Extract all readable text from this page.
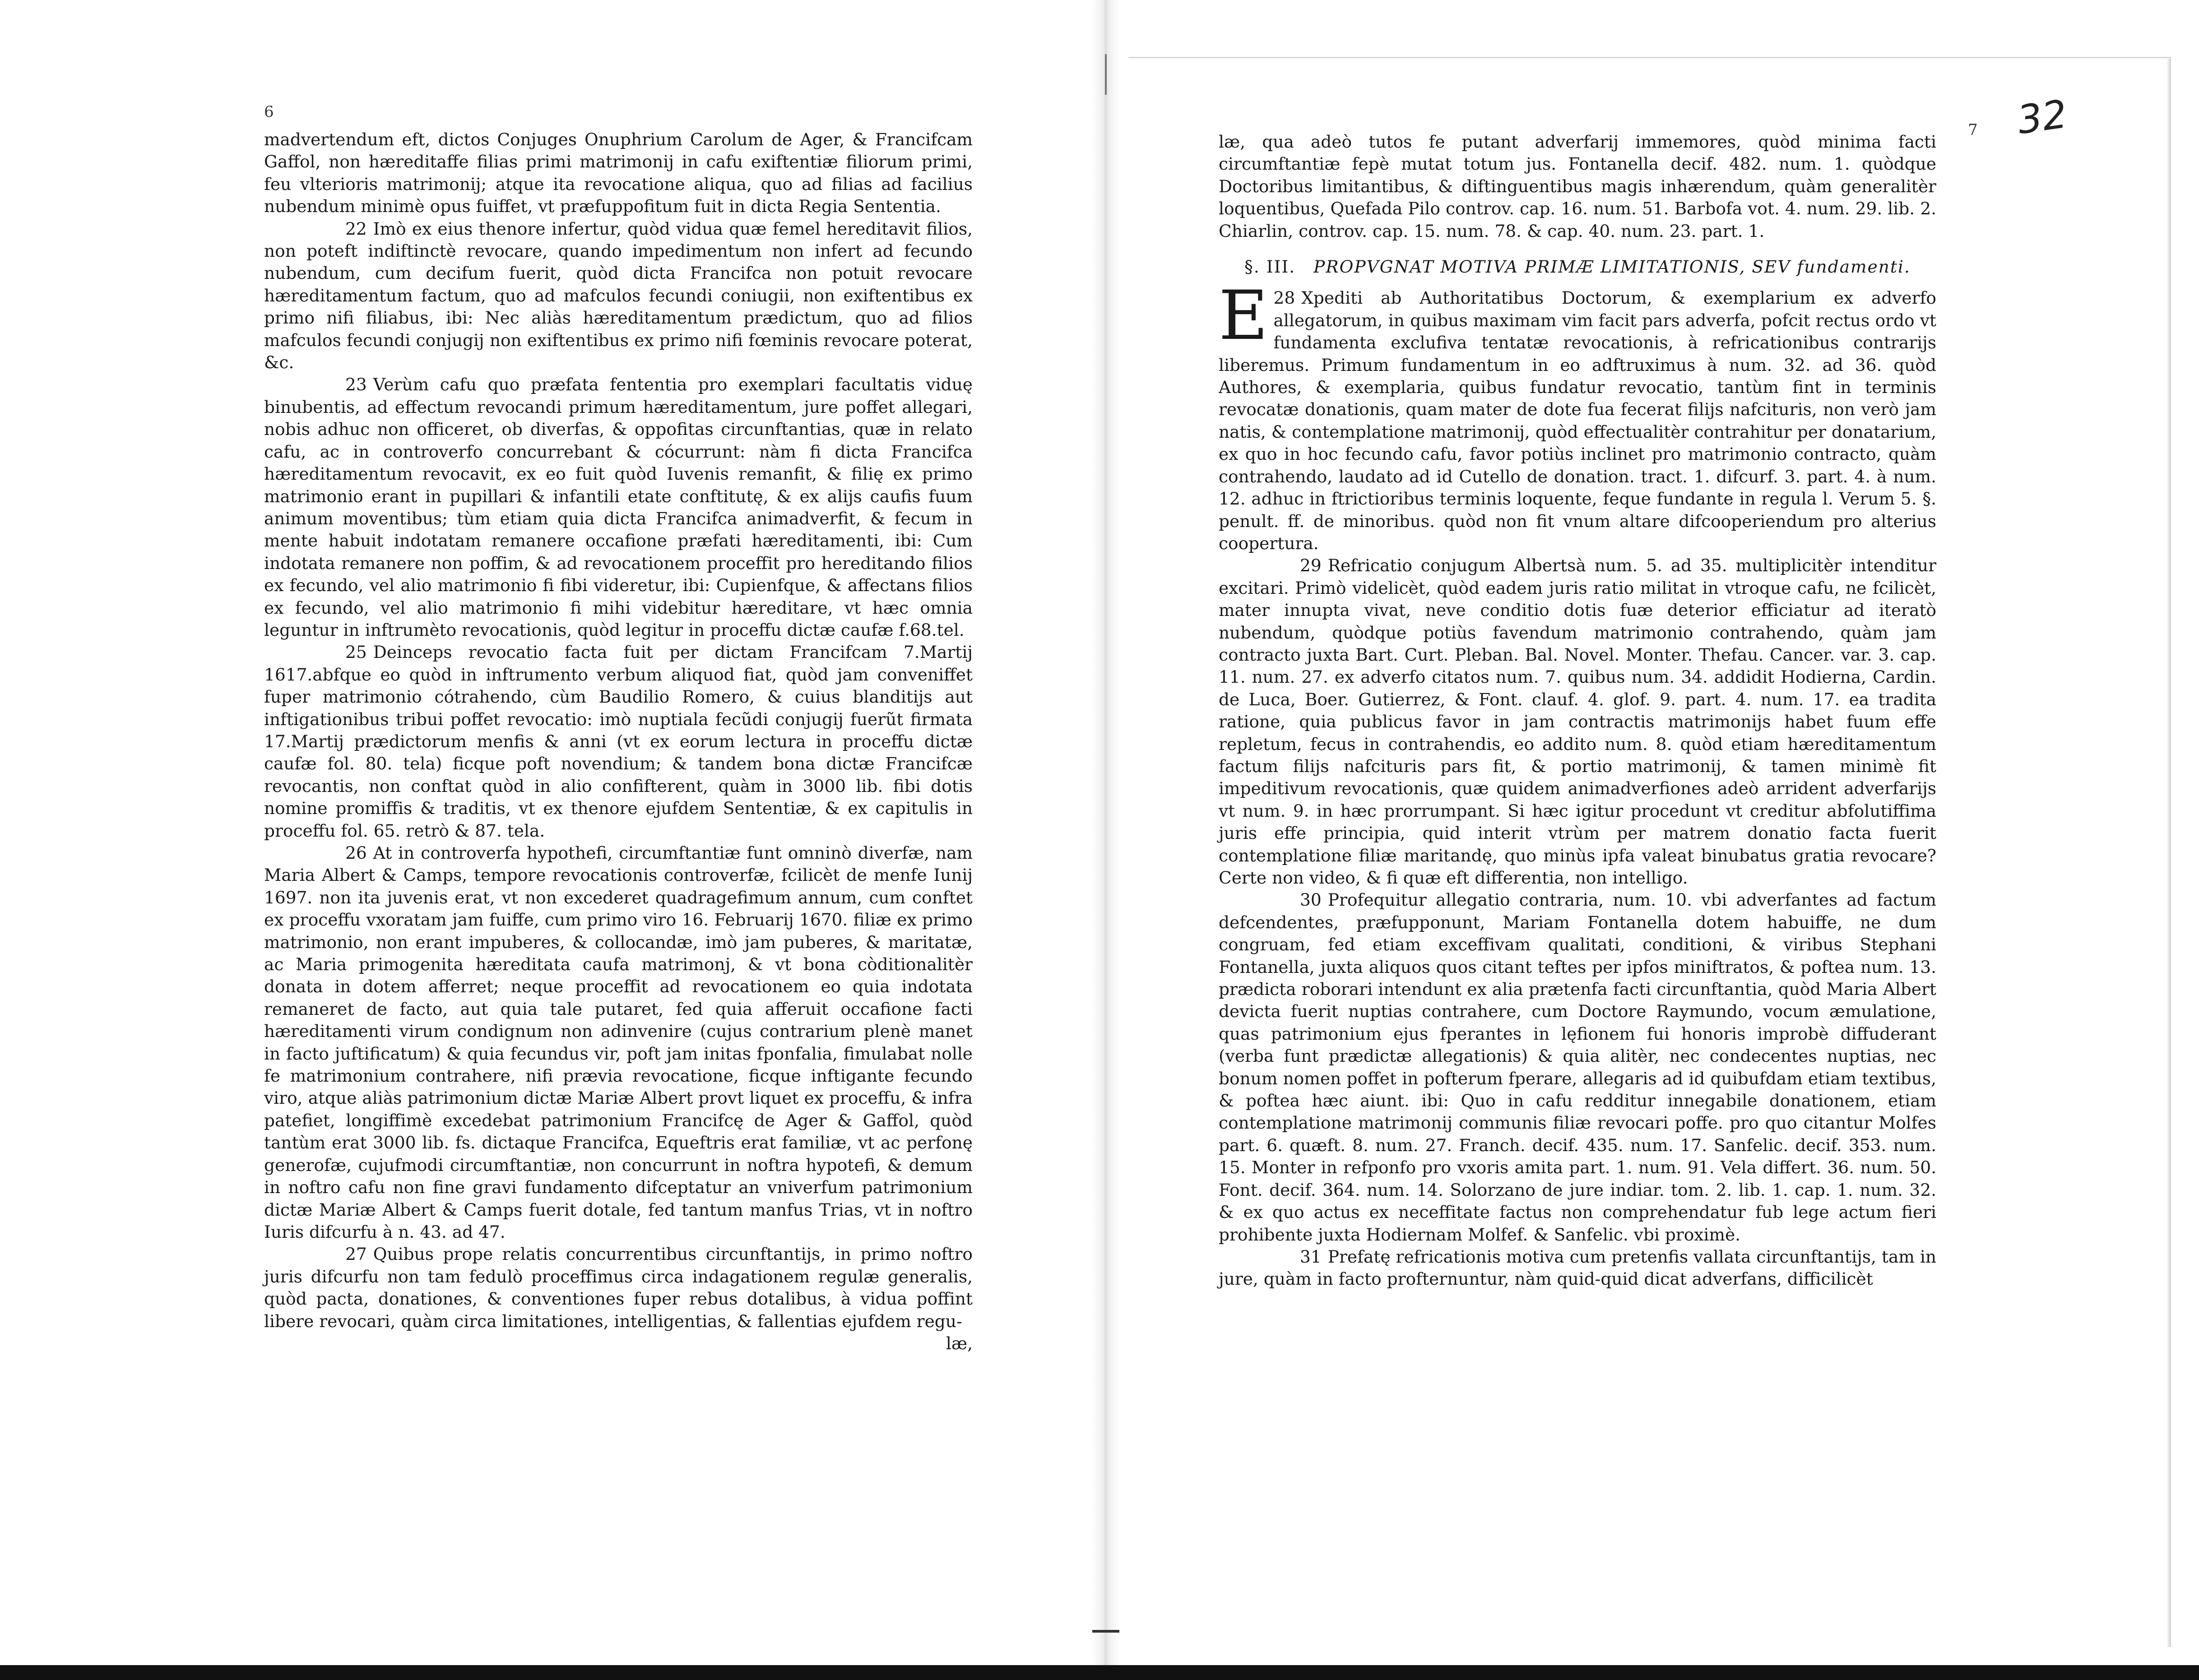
6

madvertendum eft, dictos Conjuges Onuphrium Carolum de Ager, & Francifcam Gaffol, non hæreditaffe filias primi matrimonij in cafu exiftentiæ filiorum primi, feu vlterioris matrimonij; atque ita revocatione aliqua, quo ad filias ad facilius nubendum minimè opus fuiffet, vt præfuppofitum fuit in dicta Regia Sententia.

22 Imò ex eius thenore infertur, quòd vidua quæ femel hereditavit filios, non poteft indiftinctè revocare, quando impedimentum non infert ad fecundo nubendum, cum decifum fuerit, quòd dicta Francifca non potuit revocare hæreditamentum factum, quo ad mafculos fecundi coniugii, non exiftentibus ex primo nifi filiabus, ibi: Nec aliàs hæreditamentum prædictum, quo ad filios mafculos fecundi conjugij non exiftentibus ex primo nifi fœminis revocare poterat, &c.

23 Verùm cafu quo præfata fententia pro exemplari facultatis viduę binubentis, ad effectum revocandi primum hæreditamentum, jure poffet allegari, nobis adhuc non officeret, ob diverfas, & oppofitas circunftantias, quæ in relato cafu, ac in controverfo concurrebant & cócurrunt: nàm fi dicta Francifca hæreditamentum revocavit, ex eo fuit quòd Iuvenis remanfit, & filię ex primo matrimonio erant in pupillari & infantili etate conftitutę, & ex alijs caufis fuum animum moventibus; tùm etiam quia dicta Francifca animadverfit, & fecum in mente habuit indotatam remanere occafione præfati hæreditamenti, ibi: Cum indotata remanere non poffim, & ad revocationem proceffit pro hereditando filios ex fecundo, vel alio matrimonio fi fibi videretur, ibi: Cupienfque, & affectans filios ex fecundo, vel alio matrimonio fi mihi videbitur hæreditare, vt hæc omnia leguntur in inftrumèto revocationis, quòd legitur in proceffu dictæ caufæ f.68.tel.

25 Deinceps revocatio facta fuit per dictam Francifcam 7.Martij 1617.abfque eo quòd in inftrumento verbum aliquod fiat, quòd jam conveniffet fuper matrimonio cótrahendo, cùm Baudilio Romero, & cuius blanditijs aut inftigationibus tribui poffet revocatio: imò nuptiala fecũdi conjugij fuerũt firmata 17.Martij prædictorum menfis & anni (vt ex eorum lectura in proceffu dictæ caufæ fol. 80. tela) ficque poft novendium; & tandem bona dictæ Francifcæ revocantis, non conftat quòd in alio confifterent, quàm in 3000 lib. fibi dotis nomine promiffis & traditis, vt ex thenore ejufdem Sententiæ, & ex capitulis in proceffu fol. 65. retrò & 87. tela.

26 At in controverfa hypothefi, circumftantiæ funt omninò diverfæ, nam Maria Albert & Camps, tempore revocationis controverfæ, fcilicèt de menfe Iunij 1697. non ita juvenis erat, vt non excederet quadragefimum annum, cum conftet ex proceffu vxoratam jam fuiffe, cum primo viro 16. Februarij 1670. filiæ ex primo matrimonio, non erant impuberes, & collocandæ, imò jam puberes, & maritatæ, ac Maria primogenita hæreditata caufa matrimonj, & vt bona còditionalitèr donata in dotem afferret; neque proceffit ad revocationem eo quia indotata remaneret de facto, aut quia tale putaret, fed quia afferuit occafione facti hæreditamenti virum condignum non adinvenire (cujus contrarium plenè manet in facto juftificatum) & quia fecundus vir, poft jam initas fponfalia, fimulabat nolle fe matrimonium contrahere, nifi prævia revocatione, ficque inftigante fecundo viro, atque aliàs patrimonium dictæ Mariæ Albert provt liquet ex proceffu, & infra patefiet, longiffimè excedebat patrimonium Francifcę de Ager & Gaffol, quòd tantùm erat 3000 lib. fs. dictaque Francifca, Equeftris erat familiæ, vt ac perfonę generofæ, cujufmodi circumftantiæ, non concurrunt in noftra hypotefi, & demum in noftro cafu non fine gravi fundamento difceptatur an vniverfum patrimonium dictæ Mariæ Albert & Camps fuerit dotale, fed tantum manfus Trias, vt in noftro Iuris difcurfu à n. 43. ad 47.

27 Quibus prope relatis concurrentibus circunftantijs, in primo noftro juris difcurfu non tam fedulò proceffimus circa indagationem regulæ generalis, quòd pacta, donationes, & conventiones fuper rebus dotalibus, à vidua poffint libere revocari, quàm circa limitationes, intelligentias, & fallentias ejufdem regu-

læ,

7 32

læ, qua adeò tutos fe putant adverfarij immemores, quòd minima facti circumftantiæ fepè mutat totum jus. Fontanella decif. 482. num. 1. quòdque Doctoribus limitantibus, & diftinguentibus magis inhærendum, quàm generalitèr loquentibus, Quefada Pilo controv. cap. 16. num. 51. Barbofa vot. 4. num. 29. lib. 2. Chiarlin, controv. cap. 15. num. 78. & cap. 40. num. 23. part. 1.

§. III. PROPVGNAT MOTIVA PRIMÆ LIMITATIONIS, SEV fundamenti.

28
E Xpediti ab Authoritatibus Doctorum, & exemplarium ex adverfo allegatorum, in quibus maximam vim facit pars adverfa, pofcit rectus ordo vt fundamenta exclufiva tentatæ revocationis, à refricationibus contrarijs liberemus. Primum fundamentum in eo adftruximus à num. 32. ad 36. quòd Authores, & exemplaria, quibus fundatur revocatio, tantùm fint in terminis revocatæ donationis, quam mater de dote fua fecerat filijs nafcituris, non verò jam natis, & contemplatione matrimonij, quòd effectualitèr contrahitur per donatarium, ex quo in hoc fecundo cafu, favor potiùs inclinet pro matrimonio contracto, quàm contrahendo, laudato ad id Cutello de donation. tract. 1. difcurf. 3. part. 4. à num. 12. adhuc in ftrictioribus terminis loquente, feque fundante in regula l. Verum 5. §. penult. ff. de minoribus. quòd non fit vnum altare difcooperiendum pro alterius coopertura.

29 Refricatio conjugum Albertsà num. 5. ad 35. multiplicitèr intenditur excitari. Primò videlicèt, quòd eadem juris ratio militat in vtroque cafu, ne fcilicèt, mater innupta vivat, neve conditio dotis fuæ deterior efficiatur ad iteratò nubendum, quòdque potiùs favendum matrimonio contrahendo, quàm jam contracto juxta Bart. Curt. Pleban. Bal. Novel. Monter. Thefau. Cancer. var. 3. cap. 11. num. 27. ex adverfo citatos num. 7. quibus num. 34. addidit Hodierna, Cardin. de Luca, Boer. Gutierrez, & Font. clauf. 4. glof. 9. part. 4. num. 17. ea tradita ratione, quia publicus favor in jam contractis matrimonijs habet fuum effe repletum, fecus in contrahendis, eo addito num. 8. quòd etiam hæreditamentum factum filijs nafcituris pars fit, & portio matrimonij, & tamen minimè fit impeditivum revocationis, quæ quidem animadverfiones adeò arrident adverfarijs vt num. 9. in hæc prorrumpant. Si hæc igitur procedunt vt creditur abfolutiffima juris effe principia, quid interit vtrùm per matrem donatio facta fuerit contemplatione filiæ maritandę, quo minùs ipfa valeat binubatus gratia revocare? Certe non video, & fi quæ eft differentia, non intelligo.

30 Profequitur allegatio contraria, num. 10. vbi adverfantes ad factum defcendentes, præfupponunt, Mariam Fontanella dotem habuiffe, ne dum congruam, fed etiam exceffivam qualitati, conditioni, & viribus Stephani Fontanella, juxta aliquos quos citant teftes per ipfos miniftratos, & poftea num. 13. prædicta roborari intendunt ex alia prætenfa facti circunftantia, quòd Maria Albert devicta fuerit nuptias contrahere, cum Doctore Raymundo, vocum æmulatione, quas patrimonium ejus fperantes in lęfionem fui honoris improbè diffuderant (verba funt prædictæ allegationis) & quia alitèr, nec condecentes nuptias, nec bonum nomen poffet in pofterum fperare, allegaris ad id quibufdam etiam textibus, & poftea hæc aiunt. ibi: Quo in cafu redditur innegabile donationem, etiam contemplatione matrimonij communis filiæ revocari poffe. pro quo citantur Molfes part. 6. quæft. 8. num. 27. Franch. decif. 435. num. 17. Sanfelic. decif. 353. num. 15. Monter in refponfo pro vxoris amita part. 1. num. 91. Vela differt. 36. num. 50. Font. decif. 364. num. 14. Solorzano de jure indiar. tom. 2. lib. 1. cap. 1. num. 32. & ex quo actus ex neceffitate factus non comprehendatur fub lege actum fieri prohibente juxta Hodiernam Molfef. & Sanfelic. vbi proximè.

31 Prefatę refricationis motiva cum pretenfis vallata circunftantijs, tam in jure, quàm in facto profternuntur, nàm quid-quid dicat adverfans, difficilicèt
